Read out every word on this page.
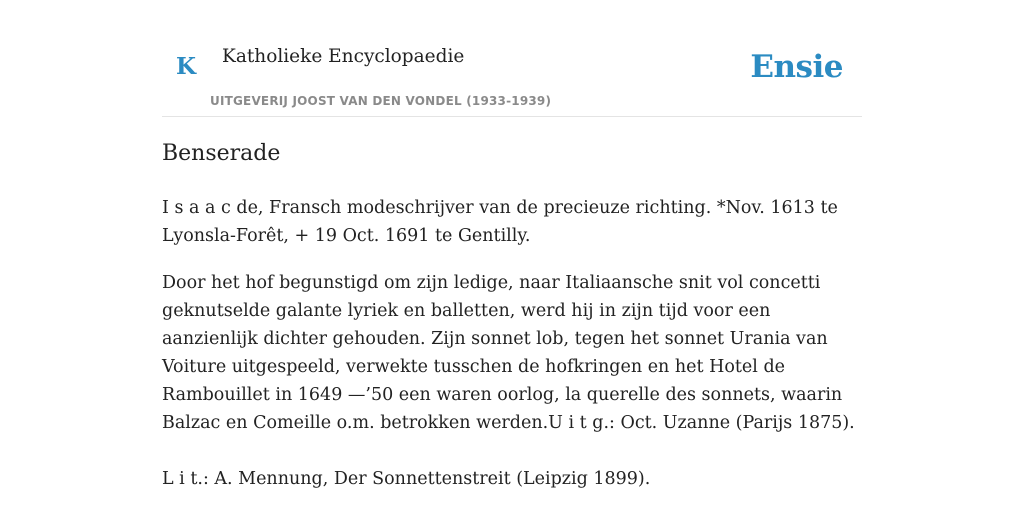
K Katholieke Encyclopaedie
UITGEVERIJ JOOST VAN DEN VONDEL (1933-1939)
Ensie
Benserade

I s a a c de, Fransch modeschrijver van de precieuze richting. *Nov. 1613 te Lyonsla-Forêt, + 19 Oct. 1691 te Gentilly.

Door het hof begunstigd om zijn ledige, naar Italiaansche snit vol concetti geknutselde galante lyriek en balletten, werd hij in zijn tijd voor een aanzienlijk dichter gehouden. Zijn sonnet lob, tegen het sonnet Urania van Voiture uitgespeeld, verwekte tusschen de hofkringen en het Hotel de Rambouillet in 1649 —’50 een waren oorlog, la querelle des sonnets, waarin Balzac en Comeille o.m. betrokken werden.U i t g.: Oct. Uzanne (Parijs 1875).

L i t.: A. Mennung, Der Sonnettenstreit (Leipzig 1899).
